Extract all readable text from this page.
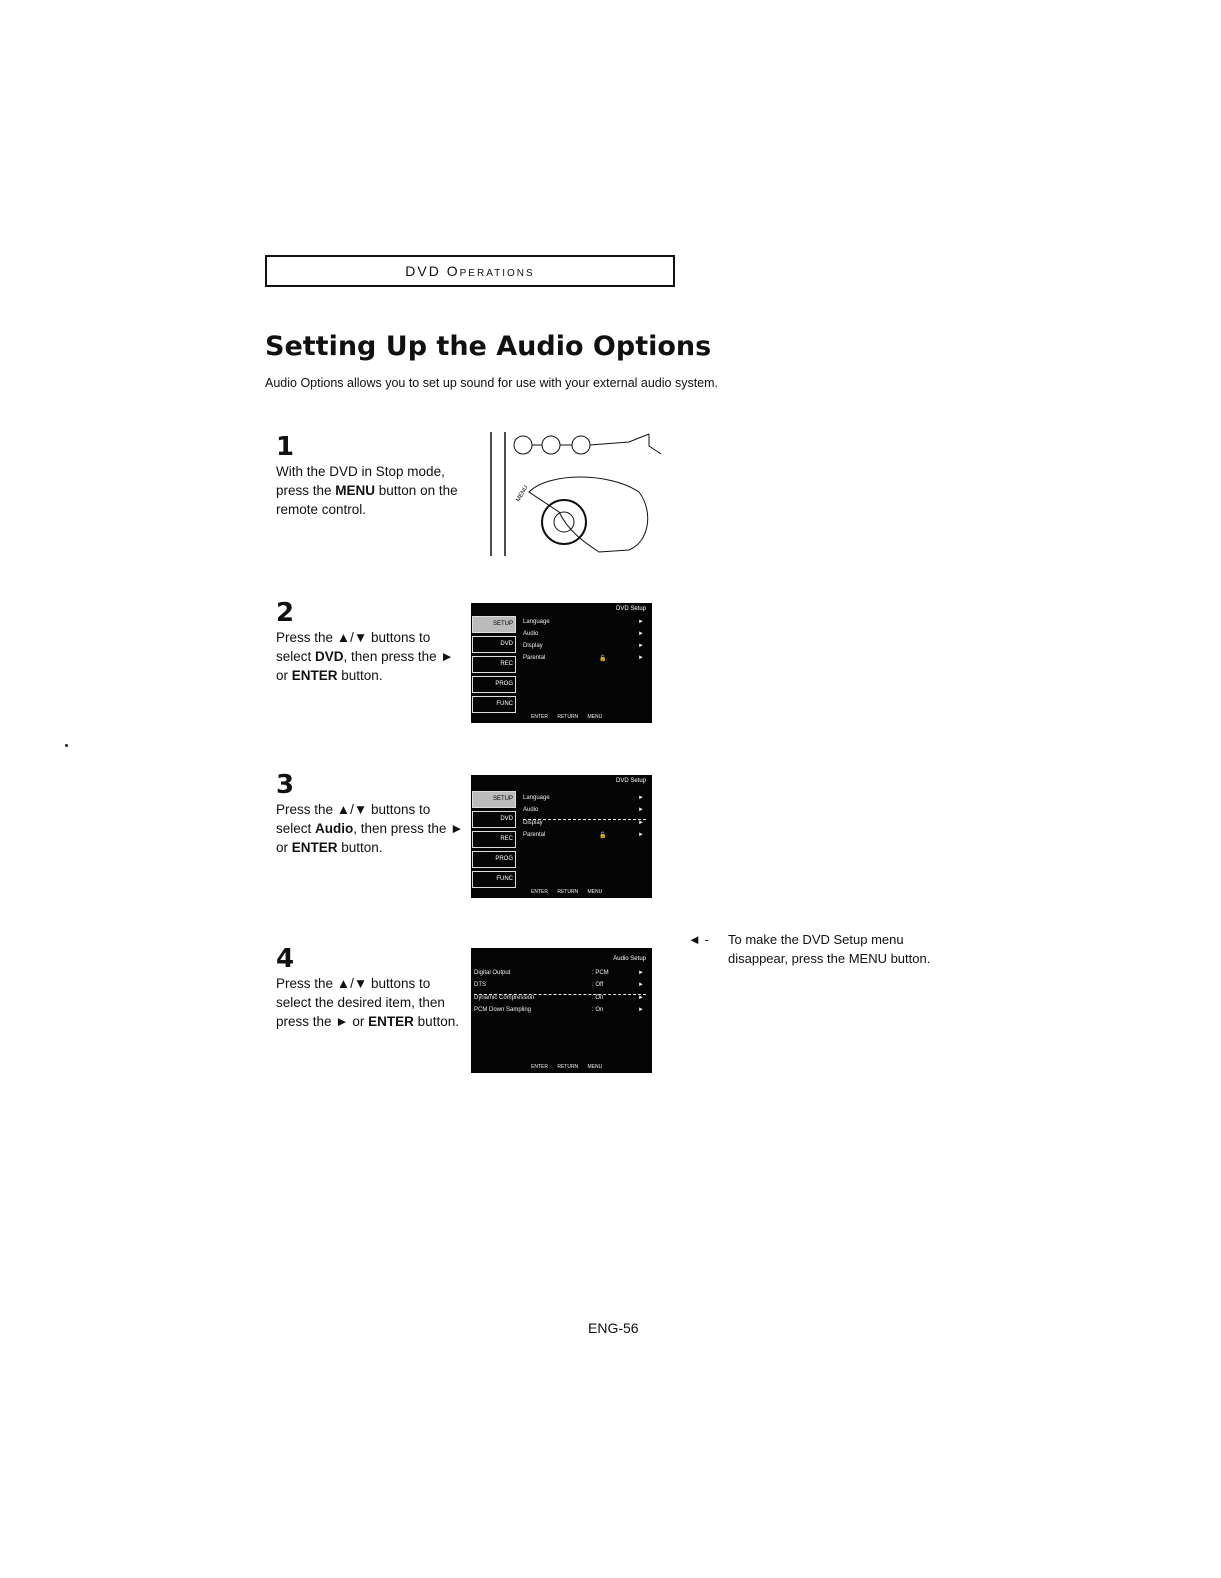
DVD Operations
Setting Up the Audio Options
Audio Options allows you to set up sound for use with your external audio system.
1
With the DVD in Stop mode, press the MENU button on the remote control.
MENU
2
Press the ▲/▼ buttons to select DVD, then press the ► or ENTER button.
DVD Setup
SETUP
DVD
REC
PROG
FUNC
Language	►
Audio	►
Display	►
Parental	🔓	►
ENTER RETURN MENU
3
Press the ▲/▼ buttons to select Audio, then press the ► or ENTER button.
DVD Setup
SETUP
DVD
REC
PROG
FUNC
Language	►
Audio	►
Display	►
Parental	🔓	►
ENTER RETURN MENU
4
Press the ▲/▼ buttons to select the desired item, then press the ► or ENTER button.
Audio Setup
Digital Output	: PCM	►
DTS	: Off	►
Dynamic Compression	: On	►
PCM Down Sampling	: On	►
ENTER RETURN MENU
◄ - To make the DVD Setup menu disappear, press the MENU button.
ENG-56
